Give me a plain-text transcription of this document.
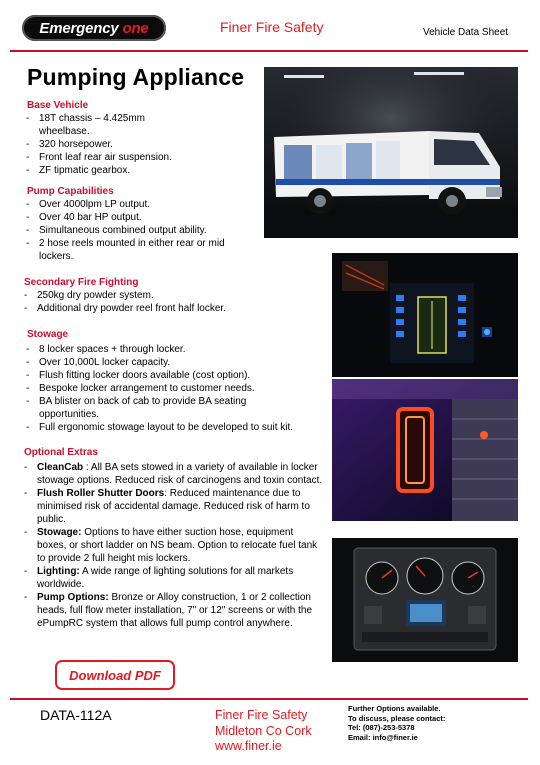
Emergency one	Finer Fire Safety	Vehicle Data Sheet
Pumping Appliance
Base Vehicle
- 18T chassis – 4.425mm wheelbase.
- 320 horsepower.
- Front leaf rear air suspension.
- ZF tipmatic gearbox.
Pump Capabilities
- Over 4000lpm LP output.
- Over 40 bar HP output.
- Simultaneous combined output ability.
- 2 hose reels mounted in either rear or mid lockers.
Secondary Fire Fighting
- 250kg dry powder system.
- Additional dry powder reel front half locker.
Stowage
- 8 locker spaces + through locker.
- Over 10,000L locker capacity.
- Flush fitting locker doors available (cost option).
- Bespoke locker arrangement to customer needs.
- BA blister on back of cab to provide BA seating opportunities.
- Full ergonomic stowage layout to be developed to suit kit.
Optional Extras
- CleanCab : All BA sets stowed in a variety of available in locker stowage options. Reduced risk of carcinogens and toxin contact.
- Flush Roller Shutter Doors: Reduced maintenance due to minimised risk of accidental damage. Reduced risk of harm to public.
- Stowage: Options to have either suction hose, equipment boxes, or short ladder on NS beam. Option to relocate fuel tank to provide 2 full height mis lockers.
- Lighting: A wide range of lighting solutions for all markets worldwide.
- Pump Options: Bronze or Alloy construction, 1 or 2 collection heads, full flow meter installation, 7" or 12" screens or with the ePumpRC system that allows full pump control anywhere.
Download PDF
DATA-112A	Finer Fire Safety
Midleton Co Cork
www.finer.ie
Further Options available.
To discuss, please contact:
Tel: (087)-253-5378
Email: info@finer.ie
